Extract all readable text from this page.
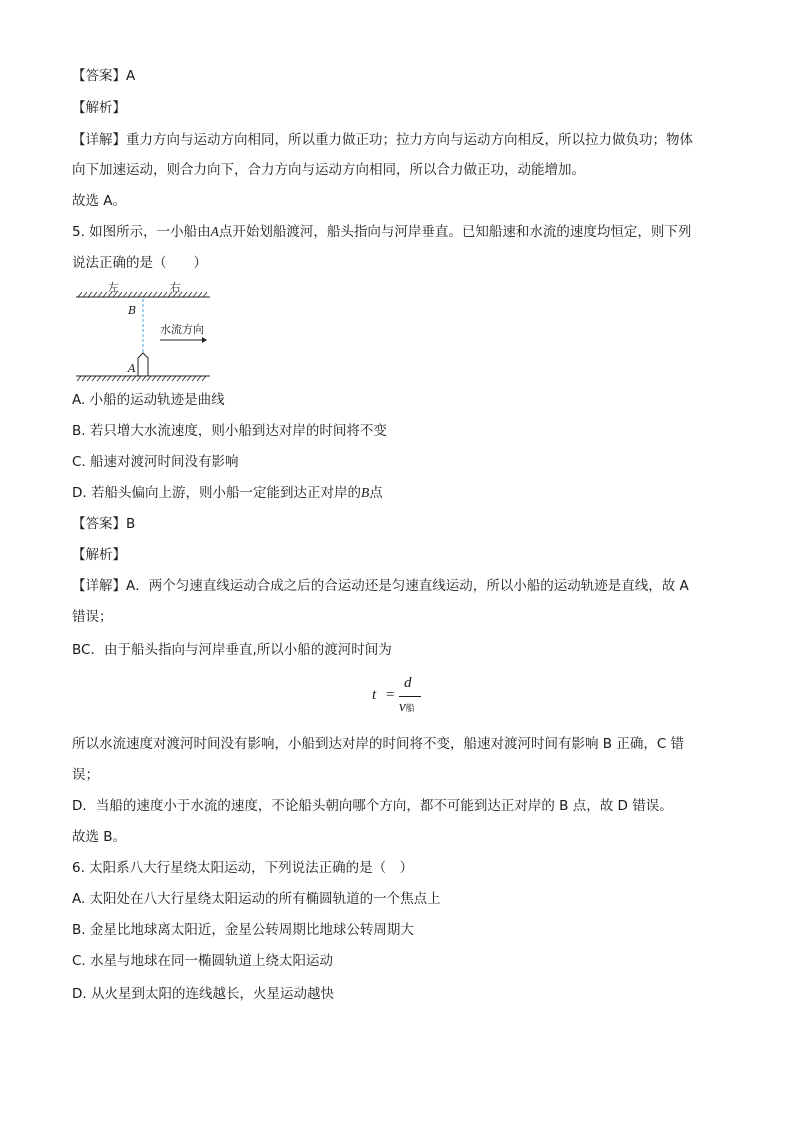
【答案】A
【解析】
【详解】重力方向与运动方向相同，所以重力做正功；拉力方向与运动方向相反，所以拉力做负功；物体
向下加速运动，则合力向下，合力方向与运动方向相同，所以合力做正功，动能增加。
故选 A。
5. 如图所示，一小船由A点开始划船渡河，船头指向与河岸垂直。已知船速和水流的速度均恒定，则下列
说法正确的是（　　）
左	右
B
水流方向
A
A. 小船的运动轨迹是曲线
B. 若只增大水流速度，则小船到达对岸的时间将不变
C. 船速对渡河时间没有影响
D. 若船头偏向上游，则小船一定能到达正对岸的B点
【答案】B
【解析】
【详解】A．两个匀速直线运动合成之后的合运动还是匀速直线运动，所以小船的运动轨迹是直线，故 A
错误；
BC．由于船头指向与河岸垂直,所以小船的渡河时间为
t =
d
v船
所以水流速度对渡河时间没有影响，小船到达对岸的时间将不变，船速对渡河时间有影响 B 正确，C 错
误；
D．当船的速度小于水流的速度，不论船头朝向哪个方向，都不可能到达正对岸的 B 点，故 D 错误。
故选 B。
6. 太阳系八大行星绕太阳运动，下列说法正确的是（　）
A. 太阳处在八大行星绕太阳运动的所有椭圆轨道的一个焦点上
B. 金星比地球离太阳近，金星公转周期比地球公转周期大
C. 水星与地球在同一椭圆轨道上绕太阳运动
D. 从火星到太阳的连线越长，火星运动越快
